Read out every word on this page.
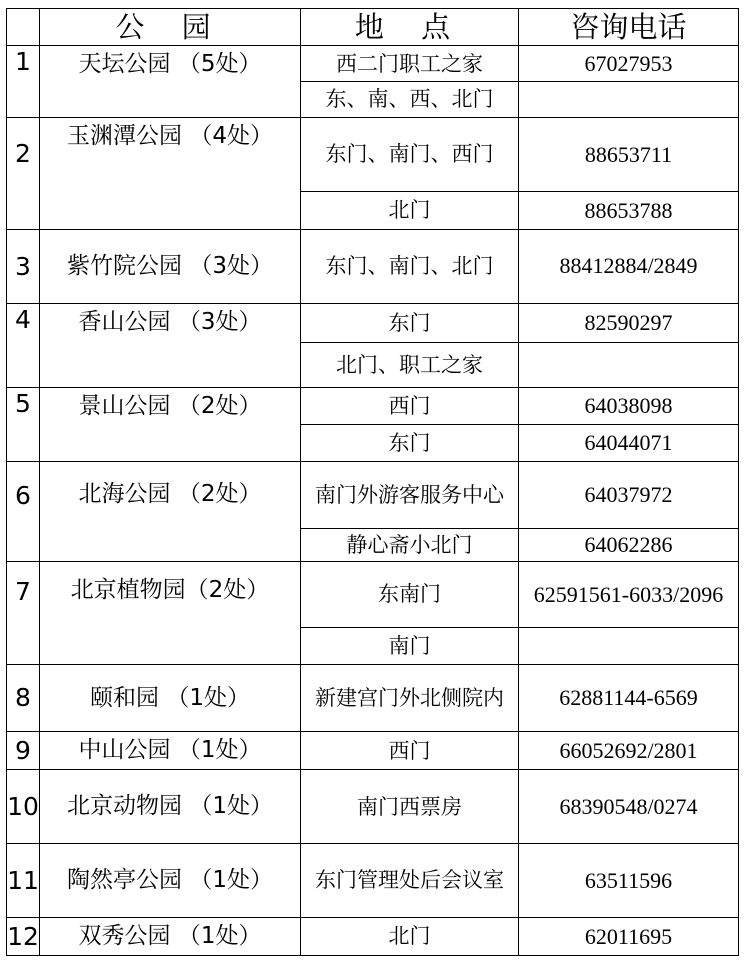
	公 园	地 点	咨询电话
1	天坛公园 （5处）	西二门职工之家	67027953
		东、南、西、北门	
2	玉渊潭公园 （4处）	东门、南门、西门	88653711
		北门	88653788
3	紫竹院公园 （3处）	东门、南门、北门	88412884/2849
4	香山公园 （3处）	东门	82590297
		北门、职工之家	
5	景山公园 （2处）	西门	64038098
		东门	64044071
6	北海公园 （2处）	南门外游客服务中心	64037972
		静心斋小北门	64062286
7	北京植物园（2处）	东南门	62591561-6033/2096
		南门	
8	颐和园 （1处）	新建宫门外北侧院内	62881144-6569
9	中山公园 （1处）	西门	66052692/2801
10	北京动物园 （1处）	南门西票房	68390548/0274
11	陶然亭公园 （1处）	东门管理处后会议室	63511596
12	双秀公园 （1处）	北门	62011695
